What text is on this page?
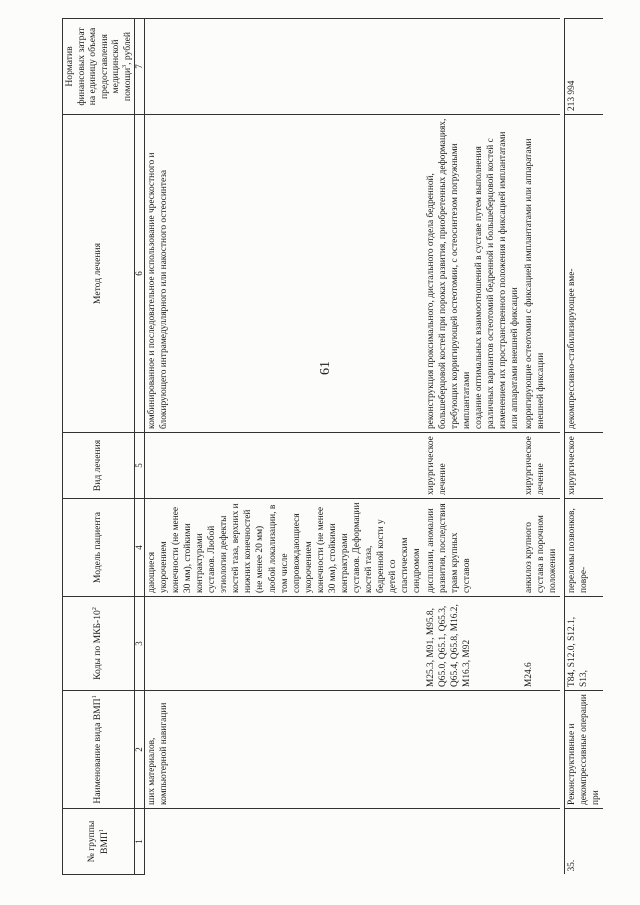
61
№ группы ВМП$^1$	Наименование вида ВМП$^1$	Коды по МКБ-$10^2$	Модель пациента	Вид лечения	Метод лечения	Норматив финансовых затрат на единицу объема предоставления медицинской помощи$^3$, рублей
1	2	3	4	5	6	7
	ших материалов, компьютерной навигации		дающиеся укорочением конечности (не менее 30 мм), стойкими контрактурами суставов. Любой этиологии дефекты костей таза, верхних и нижних конечностей (не менее 20 мм) любой локализации, в том числе сопровождающиеся укорочением конечности (не менее 30 мм), стойкими контрактурами суставов. Деформации костей таза, бедренной кости у детей со спастическим синдромом		комбинированное и последовательное использование чрескостного и блокирующего интрамедуллярного или накостного остеосинтеза	
		M25.3, M91, M95.8, Q65.0, Q65.1, Q65.3, Q65.4, Q65.8, M16.2, M16.3, M92	дисплазии, аномалии развития, последствия травм крупных суставов	хирургическое лечение	реконструкция проксимального, дистального отдела бедренной, большеберцовой костей при пороках развития, приобретенных деформациях, требующих корригирующей остеотомии, с остеосинтезом погружными имплантатами
создание оптимальных взаимоотношений в суставе путем выполнения различных вариантов остеотомий бедренной и большеберцовой костей с изменением их пространственного положения и фиксацией имплантатами или аппаратами внешней фиксации	
		M24.6	анкилоз крупного сустава в порочном положении	хирургическое лечение	корригирующие остеотомии с фиксацией имплантатами или аппаратами внешней фиксации	

35.	Реконструктивные и декомпрессивные операции при	T84, S12.0, S12.1, S13,	переломы позвонков, повре-	хирургическое	декомпрессивно-стабилизирующее вме-	213 994
